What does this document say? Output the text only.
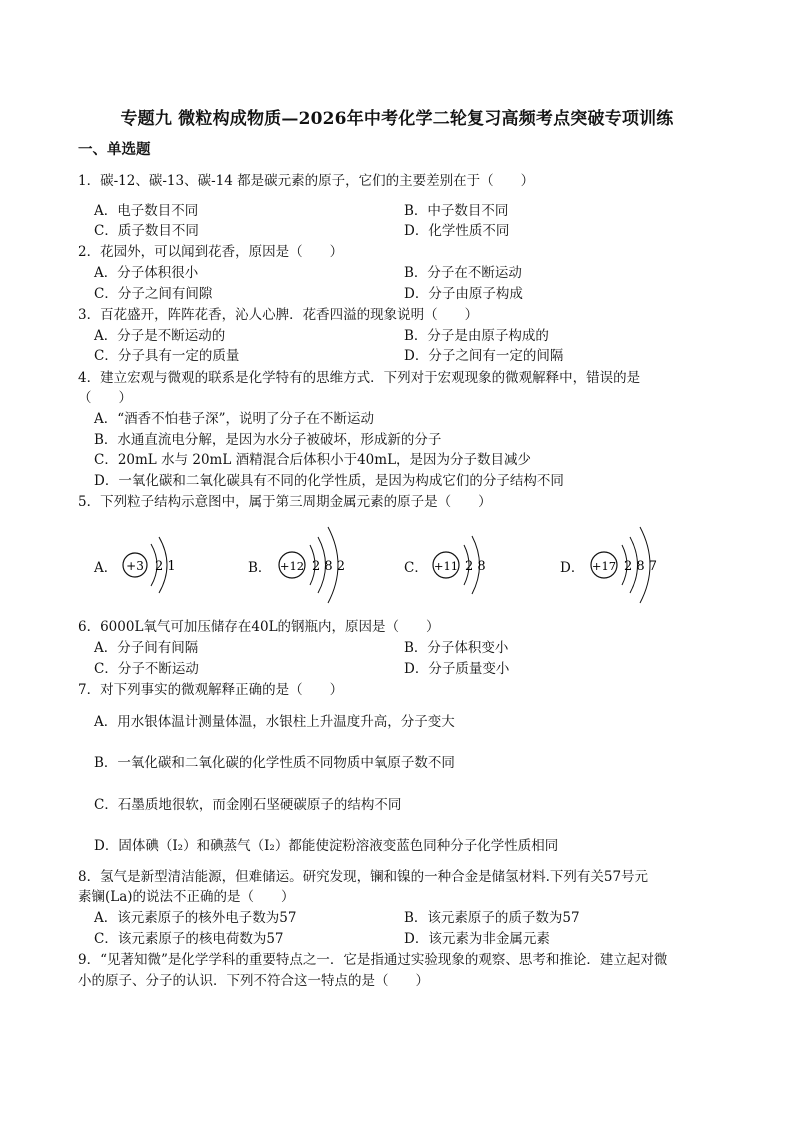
专题九 微粒构成物质—2026年中考化学二轮复习高频考点突破专项训练
一、单选题
1．碳-12、碳-13、碳-14 都是碳元素的原子，它们的主要差别在于（　　）
A．电子数目不同	B．中子数目不同
C．质子数目不同	D．化学性质不同
2．花园外，可以闻到花香，原因是（　　）
A．分子体积很小	B．分子在不断运动
C．分子之间有间隙	D．分子由原子构成
3．百花盛开，阵阵花香，沁人心脾．花香四溢的现象说明（　　）
A．分子是不断运动的	B．分子是由原子构成的
C．分子具有一定的质量	D．分子之间有一定的间隔
4．建立宏观与微观的联系是化学特有的思维方式．下列对于宏观现象的微观解释中，错误的是
（　　）
A．“酒香不怕巷子深”，说明了分子在不断运动
B．水通直流电分解，是因为水分子被破坏，形成新的分子
C．20mL 水与 20mL 酒精混合后体积小于40mL，是因为分子数目减少
D．一氧化碳和二氧化碳具有不同的化学性质，是因为构成它们的分子结构不同
5．下列粒子结构示意图中，属于第三周期金属元素的原子是（　　）
A． +3 2 1	B． +12 2 8 2	C． +11 2 8	D． +17 2 8 7
6．6000L氧气可加压储存在40L的钢瓶内，原因是（　　）
A．分子间有间隔	B．分子体积变小
C．分子不断运动	D．分子质量变小
7．对下列事实的微观解释正确的是（　　）
A．用水银体温计测量体温，水银柱上升温度升高，分子变大
B．一氧化碳和二氧化碳的化学性质不同物质中氧原子数不同
C．石墨质地很软，而金刚石坚硬碳原子的结构不同
D．固体碘（I₂）和碘蒸气（I₂）都能使淀粉溶液变蓝色同种分子化学性质相同
8．氢气是新型清洁能源，但难储运。研究发现，镧和镍的一种合金是储氢材料.下列有关57号元
素镧(La)的说法不正确的是（　　）
A．该元素原子的核外电子数为57	B．该元素原子的质子数为57
C．该元素原子的核电荷数为57	D．该元素为非金属元素
9．“见著知微”是化学学科的重要特点之一．它是指通过实验现象的观察、思考和推论．建立起对微
小的原子、分子的认识．下列不符合这一特点的是（　　）
